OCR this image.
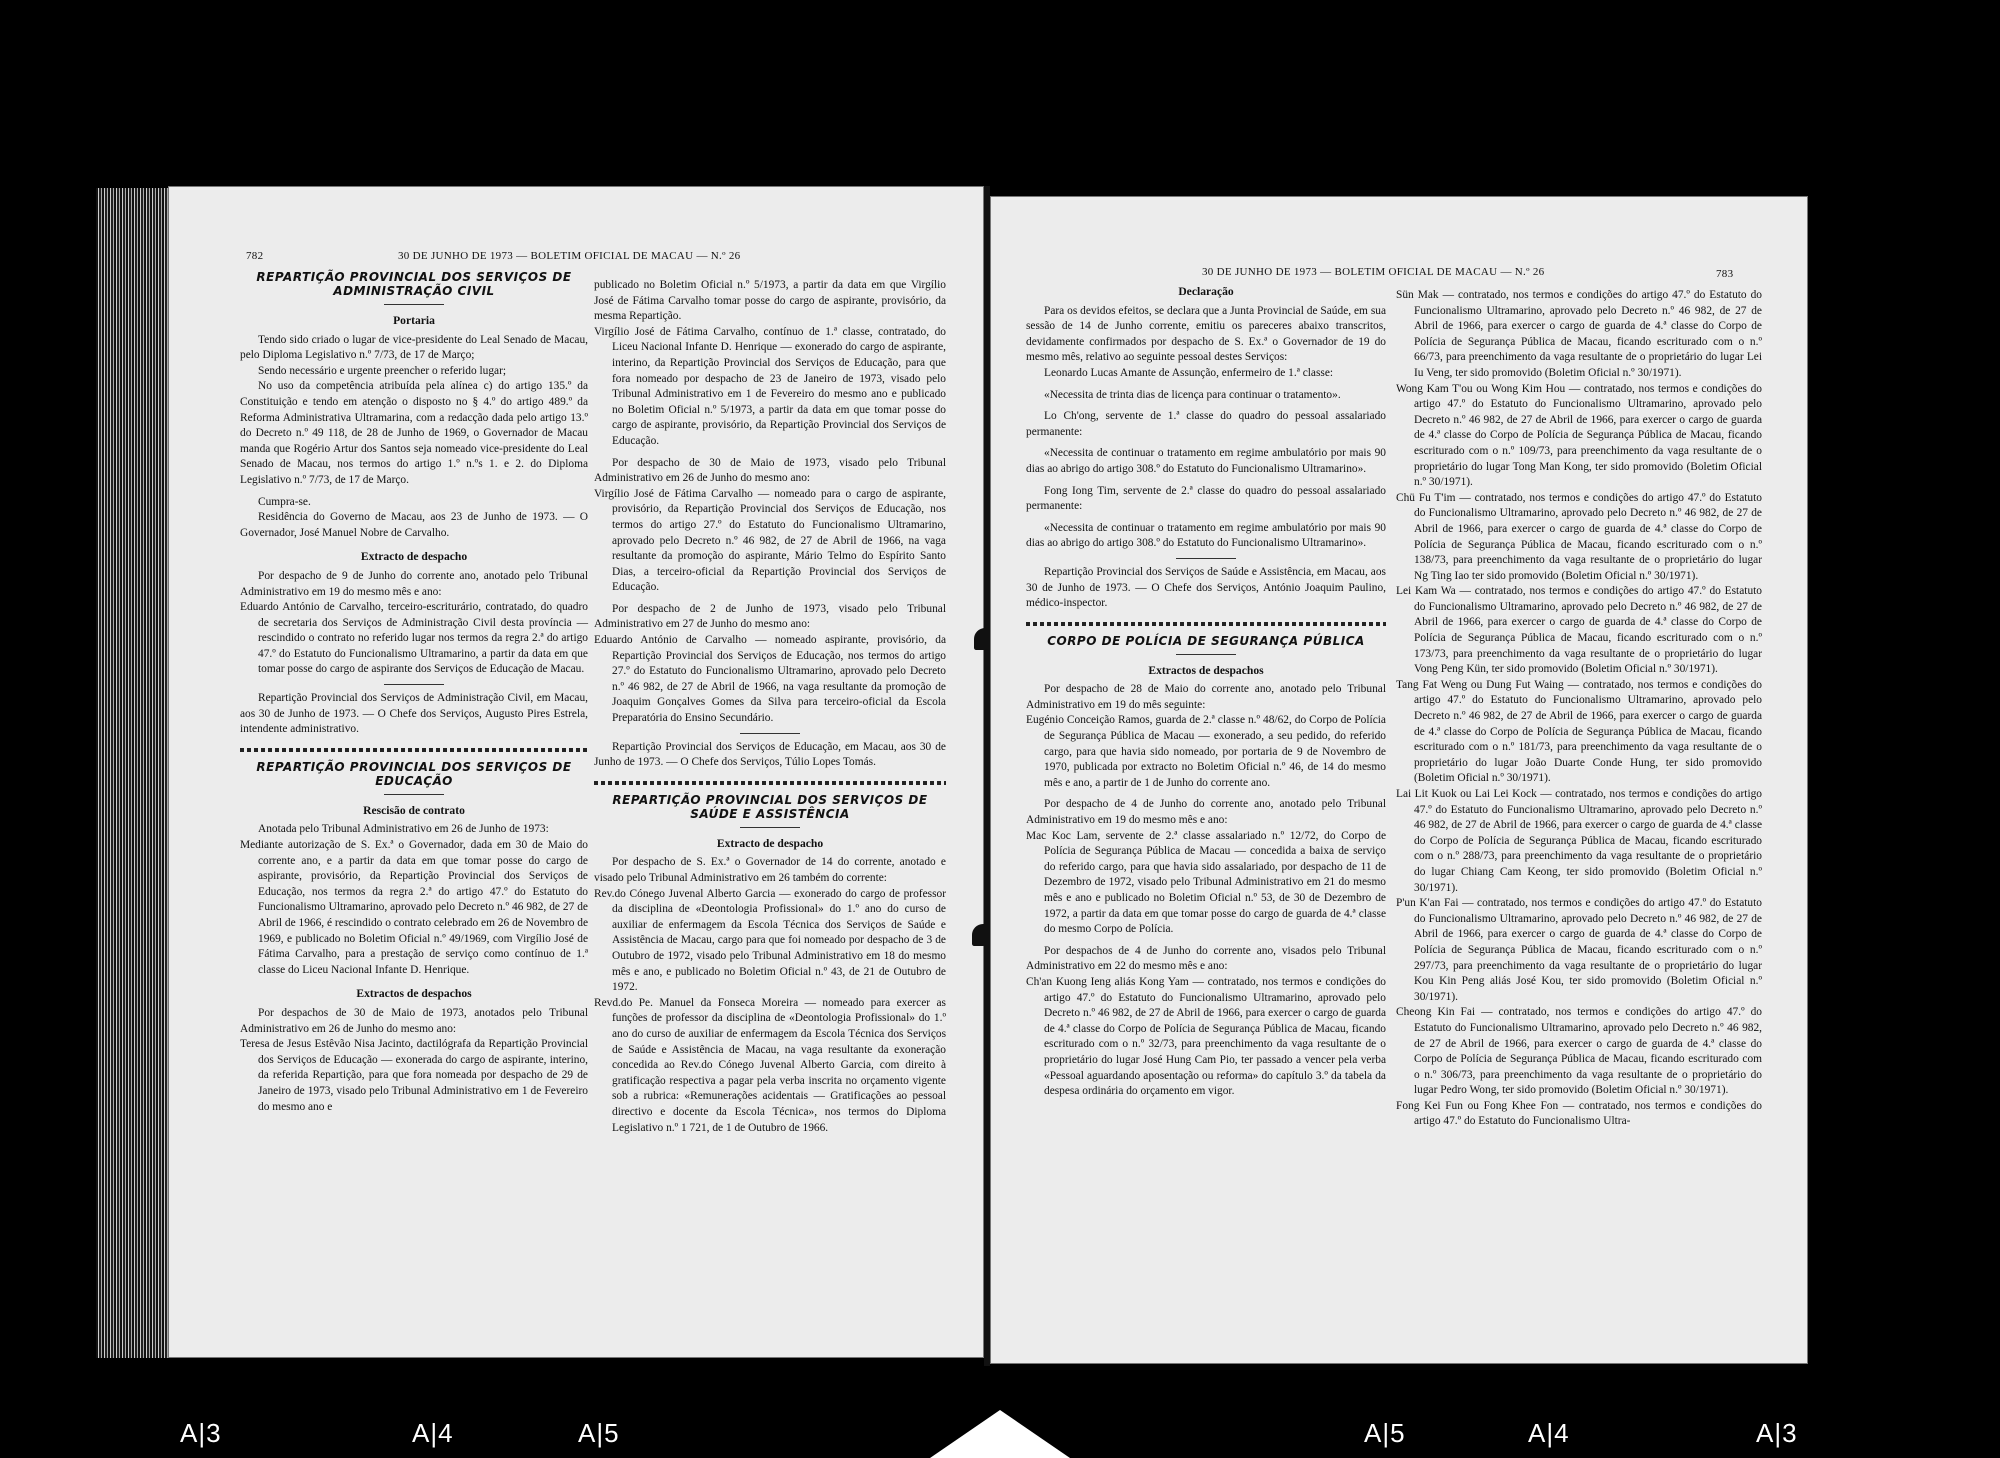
782	30 DE JUNHO DE 1973 — BOLETIM OFICIAL DE MACAU — N.º 26
REPARTIÇÃO PROVINCIAL DOS SERVIÇOS DE ADMINISTRAÇÃO CIVIL
Portaria

Tendo sido criado o lugar de vice-presidente do Leal Senado de Macau, pelo Diploma Legislativo n.º 7/73, de 17 de Março;

Sendo necessário e urgente preencher o referido lugar;

No uso da competência atribuída pela alínea c) do artigo 135.º da Constituição e tendo em atenção o disposto no § 4.º do artigo 489.º da Reforma Administrativa Ultramarina, com a redacção dada pelo artigo 13.º do Decreto n.º 49 118, de 28 de Junho de 1969, o Governador de Macau manda que Rogério Artur dos Santos seja nomeado vice-presidente do Leal Senado de Macau, nos termos do artigo 1.º n.ºs 1. e 2. do Diploma Legislativo n.º 7/73, de 17 de Março.

Cumpra-se.

Residência do Governo de Macau, aos 23 de Junho de 1973. — O Governador, José Manuel Nobre de Carvalho.

Extracto de despacho

Por despacho de 9 de Junho do corrente ano, anotado pelo Tribunal Administrativo em 19 do mesmo mês e ano:

Eduardo António de Carvalho, terceiro-escriturário, contratado, do quadro de secretaria dos Serviços de Administração Civil desta província — rescindido o contrato no referido lugar nos termos da regra 2.ª do artigo 47.º do Estatuto do Funcionalismo Ultramarino, a partir da data em que tomar posse do cargo de aspirante dos Serviços de Educação de Macau.

Repartição Provincial dos Serviços de Administração Civil, em Macau, aos 30 de Junho de 1973. — O Chefe dos Serviços, Augusto Pires Estrela, intendente administrativo.

REPARTIÇÃO PROVINCIAL DOS SERVIÇOS DE EDUCAÇÃO
Rescisão de contrato

Anotada pelo Tribunal Administrativo em 26 de Junho de 1973:

Mediante autorização de S. Ex.ª o Governador, dada em 30 de Maio do corrente ano, e a partir da data em que tomar posse do cargo de aspirante, provisório, da Repartição Provincial dos Serviços de Educação, nos termos da regra 2.ª do artigo 47.º do Estatuto do Funcionalismo Ultramarino, aprovado pelo Decreto n.º 46 982, de 27 de Abril de 1966, é rescindido o contrato celebrado em 26 de Novembro de 1969, e publicado no Boletim Oficial n.º 49/1969, com Virgílio José de Fátima Carvalho, para a prestação de serviço como contínuo de 1.ª classe do Liceu Nacional Infante D. Henrique.

Extractos de despachos

Por despachos de 30 de Maio de 1973, anotados pelo Tribunal Administrativo em 26 de Junho do mesmo ano:

Teresa de Jesus Estêvão Nisa Jacinto, dactilógrafa da Repartição Provincial dos Serviços de Educação — exonerada do cargo de aspirante, interino, da referida Repartição, para que fora nomeada por despacho de 29 de Janeiro de 1973, visado pelo Tribunal Administrativo em 1 de Fevereiro do mesmo ano e

publicado no Boletim Oficial n.º 5/1973, a partir da data em que Virgílio José de Fátima Carvalho tomar posse do cargo de aspirante, provisório, da mesma Repartição.

Virgílio José de Fátima Carvalho, contínuo de 1.ª classe, contratado, do Liceu Nacional Infante D. Henrique — exonerado do cargo de aspirante, interino, da Repartição Provincial dos Serviços de Educação, para que fora nomeado por despacho de 23 de Janeiro de 1973, visado pelo Tribunal Administrativo em 1 de Fevereiro do mesmo ano e publicado no Boletim Oficial n.º 5/1973, a partir da data em que tomar posse do cargo de aspirante, provisório, da Repartição Provincial dos Serviços de Educação.

Por despacho de 30 de Maio de 1973, visado pelo Tribunal Administrativo em 26 de Junho do mesmo ano:

Virgílio José de Fátima Carvalho — nomeado para o cargo de aspirante, provisório, da Repartição Provincial dos Serviços de Educação, nos termos do artigo 27.º do Estatuto do Funcionalismo Ultramarino, aprovado pelo Decreto n.º 46 982, de 27 de Abril de 1966, na vaga resultante da promoção do aspirante, Mário Telmo do Espírito Santo Dias, a terceiro-oficial da Repartição Provincial dos Serviços de Educação.

Por despacho de 2 de Junho de 1973, visado pelo Tribunal Administrativo em 27 de Junho do mesmo ano:

Eduardo António de Carvalho — nomeado aspirante, provisório, da Repartição Provincial dos Serviços de Educação, nos termos do artigo 27.º do Estatuto do Funcionalismo Ultramarino, aprovado pelo Decreto n.º 46 982, de 27 de Abril de 1966, na vaga resultante da promoção de Joaquim Gonçalves Gomes da Silva para terceiro-oficial da Escola Preparatória do Ensino Secundário.

Repartição Provincial dos Serviços de Educação, em Macau, aos 30 de Junho de 1973. — O Chefe dos Serviços, Túlio Lopes Tomás.

REPARTIÇÃO PROVINCIAL DOS SERVIÇOS DE SAÚDE E ASSISTÊNCIA
Extracto de despacho

Por despacho de S. Ex.ª o Governador de 14 do corrente, anotado e visado pelo Tribunal Administrativo em 26 também do corrente:

Rev.do Cónego Juvenal Alberto Garcia — exonerado do cargo de professor da disciplina de «Deontologia Profissional» do 1.º ano do curso de auxiliar de enfermagem da Escola Técnica dos Serviços de Saúde e Assistência de Macau, cargo para que foi nomeado por despacho de 3 de Outubro de 1972, visado pelo Tribunal Administrativo em 18 do mesmo mês e ano, e publicado no Boletim Oficial n.º 43, de 21 de Outubro de 1972.

Revd.do Pe. Manuel da Fonseca Moreira — nomeado para exercer as funções de professor da disciplina de «Deontologia Profissional» do 1.º ano do curso de auxiliar de enfermagem da Escola Técnica dos Serviços de Saúde e Assistência de Macau, na vaga resultante da exoneração concedida ao Rev.do Cónego Juvenal Alberto Garcia, com direito à gratificação respectiva a pagar pela verba inscrita no orçamento vigente sob a rubrica: «Remunerações acidentais — Gratificações ao pessoal directivo e docente da Escola Técnica», nos termos do Diploma Legislativo n.º 1 721, de 1 de Outubro de 1966.

30 DE JUNHO DE 1973 — BOLETIM OFICIAL DE MACAU — N.º 26	783
Declaração

Para os devidos efeitos, se declara que a Junta Provincial de Saúde, em sua sessão de 14 de Junho corrente, emitiu os pareceres abaixo transcritos, devidamente confirmados por despacho de S. Ex.ª o Governador de 19 do mesmo mês, relativo ao seguinte pessoal destes Serviços:

Leonardo Lucas Amante de Assunção, enfermeiro de 1.ª classe:

«Necessita de trinta dias de licença para continuar o tratamento».

Lo Ch'ong, servente de 1.ª classe do quadro do pessoal assalariado permanente:

«Necessita de continuar o tratamento em regime ambulatório por mais 90 dias ao abrigo do artigo 308.º do Estatuto do Funcionalismo Ultramarino».

Fong Iong Tim, servente de 2.ª classe do quadro do pessoal assalariado permanente:

«Necessita de continuar o tratamento em regime ambulatório por mais 90 dias ao abrigo do artigo 308.º do Estatuto do Funcionalismo Ultramarino».

Repartição Provincial dos Serviços de Saúde e Assistência, em Macau, aos 30 de Junho de 1973. — O Chefe dos Serviços, António Joaquim Paulino, médico-inspector.

CORPO DE POLÍCIA DE SEGURANÇA PÚBLICA
Extractos de despachos

Por despacho de 28 de Maio do corrente ano, anotado pelo Tribunal Administrativo em 19 do mês seguinte:

Eugénio Conceição Ramos, guarda de 2.ª classe n.º 48/62, do Corpo de Polícia de Segurança Pública de Macau — exonerado, a seu pedido, do referido cargo, para que havia sido nomeado, por portaria de 9 de Novembro de 1970, publicada por extracto no Boletim Oficial n.º 46, de 14 do mesmo mês e ano, a partir de 1 de Junho do corrente ano.

Por despacho de 4 de Junho do corrente ano, anotado pelo Tribunal Administrativo em 19 do mesmo mês e ano:

Mac Koc Lam, servente de 2.ª classe assalariado n.º 12/72, do Corpo de Polícia de Segurança Pública de Macau — concedida a baixa de serviço do referido cargo, para que havia sido assalariado, por despacho de 11 de Dezembro de 1972, visado pelo Tribunal Administrativo em 21 do mesmo mês e ano e publicado no Boletim Oficial n.º 53, de 30 de Dezembro de 1972, a partir da data em que tomar posse do cargo de guarda de 4.ª classe do mesmo Corpo de Polícia.

Por despachos de 4 de Junho do corrente ano, visados pelo Tribunal Administrativo em 22 do mesmo mês e ano:

Ch'an Kuong Ieng aliás Kong Yam — contratado, nos termos e condições do artigo 47.º do Estatuto do Funcionalismo Ultramarino, aprovado pelo Decreto n.º 46 982, de 27 de Abril de 1966, para exercer o cargo de guarda de 4.ª classe do Corpo de Polícia de Segurança Pública de Macau, ficando escriturado com o n.º 32/73, para preenchimento da vaga resultante de o proprietário do lugar José Hung Cam Pio, ter passado a vencer pela verba «Pessoal aguardando aposentação ou reforma» do capítulo 3.º da tabela da despesa ordinária do orçamento em vigor.

Sün Mak — contratado, nos termos e condições do artigo 47.º do Estatuto do Funcionalismo Ultramarino, aprovado pelo Decreto n.º 46 982, de 27 de Abril de 1966, para exercer o cargo de guarda de 4.ª classe do Corpo de Polícia de Segurança Pública de Macau, ficando escriturado com o n.º 66/73, para preenchimento da vaga resultante de o proprietário do lugar Lei Iu Veng, ter sido promovido (Boletim Oficial n.º 30/1971).

Wong Kam T'ou ou Wong Kim Hou — contratado, nos termos e condições do artigo 47.º do Estatuto do Funcionalismo Ultramarino, aprovado pelo Decreto n.º 46 982, de 27 de Abril de 1966, para exercer o cargo de guarda de 4.ª classe do Corpo de Polícia de Segurança Pública de Macau, ficando escriturado com o n.º 109/73, para preenchimento da vaga resultante de o proprietário do lugar Tong Man Kong, ter sido promovido (Boletim Oficial n.º 30/1971).

Chü Fu T'im — contratado, nos termos e condições do artigo 47.º do Estatuto do Funcionalismo Ultramarino, aprovado pelo Decreto n.º 46 982, de 27 de Abril de 1966, para exercer o cargo de guarda de 4.ª classe do Corpo de Polícia de Segurança Pública de Macau, ficando escriturado com o n.º 138/73, para preenchimento da vaga resultante de o proprietário do lugar Ng Ting Iao ter sido promovido (Boletim Oficial n.º 30/1971).

Lei Kam Wa — contratado, nos termos e condições do artigo 47.º do Estatuto do Funcionalismo Ultramarino, aprovado pelo Decreto n.º 46 982, de 27 de Abril de 1966, para exercer o cargo de guarda de 4.ª classe do Corpo de Polícia de Segurança Pública de Macau, ficando escriturado com o n.º 173/73, para preenchimento da vaga resultante de o proprietário do lugar Vong Peng Kün, ter sido promovido (Boletim Oficial n.º 30/1971).

Tang Fat Weng ou Dung Fut Waing — contratado, nos termos e condições do artigo 47.º do Estatuto do Funcionalismo Ultramarino, aprovado pelo Decreto n.º 46 982, de 27 de Abril de 1966, para exercer o cargo de guarda de 4.ª classe do Corpo de Polícia de Segurança Pública de Macau, ficando escriturado com o n.º 181/73, para preenchimento da vaga resultante de o proprietário do lugar João Duarte Conde Hung, ter sido promovido (Boletim Oficial n.º 30/1971).

Lai Lit Kuok ou Lai Lei Kock — contratado, nos termos e condições do artigo 47.º do Estatuto do Funcionalismo Ultramarino, aprovado pelo Decreto n.º 46 982, de 27 de Abril de 1966, para exercer o cargo de guarda de 4.ª classe do Corpo de Polícia de Segurança Pública de Macau, ficando escriturado com o n.º 288/73, para preenchimento da vaga resultante de o proprietário do lugar Chiang Cam Keong, ter sido promovido (Boletim Oficial n.º 30/1971).

P'un K'an Fai — contratado, nos termos e condições do artigo 47.º do Estatuto do Funcionalismo Ultramarino, aprovado pelo Decreto n.º 46 982, de 27 de Abril de 1966, para exercer o cargo de guarda de 4.ª classe do Corpo de Polícia de Segurança Pública de Macau, ficando escriturado com o n.º 297/73, para preenchimento da vaga resultante de o proprietário do lugar Kou Kin Peng aliás José Kou, ter sido promovido (Boletim Oficial n.º 30/1971).

Cheong Kin Fai — contratado, nos termos e condições do artigo 47.º do Estatuto do Funcionalismo Ultramarino, aprovado pelo Decreto n.º 46 982, de 27 de Abril de 1966, para exercer o cargo de guarda de 4.ª classe do Corpo de Polícia de Segurança Pública de Macau, ficando escriturado com o n.º 306/73, para preenchimento da vaga resultante de o proprietário do lugar Pedro Wong, ter sido promovido (Boletim Oficial n.º 30/1971).

Fong Kei Fun ou Fong Khee Fon — contratado, nos termos e condições do artigo 47.º do Estatuto do Funcionalismo Ultra-

A|3	A|4	A|5	A|5	A|4	A|3
